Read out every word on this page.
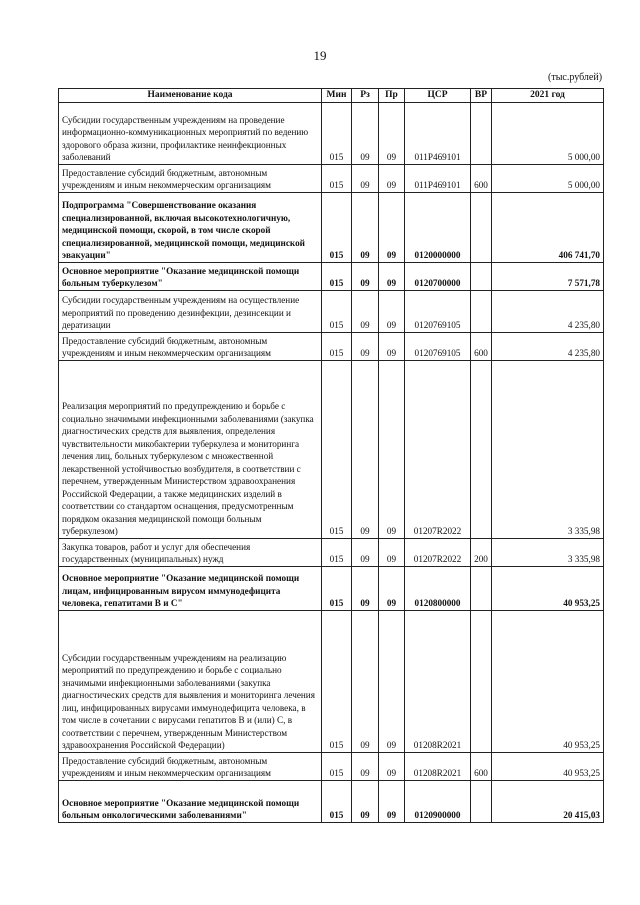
19
(тыс.рублей)
Наименование кода	Мин	Рз	Пр	ЦСР	ВР	2021 год
Субсидии государственным учреждениям на проведение информационно-коммуникационных мероприятий по ведению здорового образа жизни, профилактике неинфекционных заболеваний	015	09	09	011P469101		5 000,00
Предоставление субсидий бюджетным, автономным учреждениям и иным некоммерческим организациям	015	09	09	011P469101	600	5 000,00
Подпрограмма "Совершенствование оказания специализированной, включая высокотехнологичную, медицинской помощи, скорой, в том числе скорой специализированной, медицинской помощи, медицинской эвакуации"	015	09	09	0120000000		406 741,70
Основное мероприятие "Оказание медицинской помощи больным туберкулезом"	015	09	09	0120700000		7 571,78
Субсидии государственным учреждениям на осуществление мероприятий по проведению дезинфекции, дезинсекции и дератизации	015	09	09	0120769105		4 235,80
Предоставление субсидий бюджетным, автономным учреждениям и иным некоммерческим организациям	015	09	09	0120769105	600	4 235,80
Реализация мероприятий по предупреждению и борьбе с социально значимыми инфекционными заболеваниями (закупка диагностических средств для выявления, определения чувствительности микобактерии туберкулеза и мониторинга лечения лиц, больных туберкулезом с множественной лекарственной устойчивостью возбудителя, в соответствии с перечнем, утвержденным Министерством здравоохранения Российской Федерации, а также медицинских изделий в соответствии со стандартом оснащения, предусмотренным порядком оказания медицинской помощи больным туберкулезом)	015	09	09	01207R2022		3 335,98
Закупка товаров, работ и услуг для обеспечения государственных (муниципальных) нужд	015	09	09	01207R2022	200	3 335,98
Основное мероприятие "Оказание медицинской помощи лицам, инфицированным вирусом иммунодефицита человека, гепатитами В и С"	015	09	09	0120800000		40 953,25
Субсидии государственным учреждениям на реализацию мероприятий по предупреждению и борьбе с социально значимыми инфекционными заболеваниями (закупка диагностических средств для выявления и мониторинга лечения лиц, инфицированных вирусами иммунодефицита человека, в том числе в сочетании с вирусами гепатитов В и (или) С, в соответствии с перечнем, утвержденным Министерством здравоохранения Российской Федерации)	015	09	09	01208R2021		40 953,25
Предоставление субсидий бюджетным, автономным учреждениям и иным некоммерческим организациям	015	09	09	01208R2021	600	40 953,25
Основное мероприятие "Оказание медицинской помощи больным онкологическими заболеваниями"	015	09	09	0120900000		20 415,03
